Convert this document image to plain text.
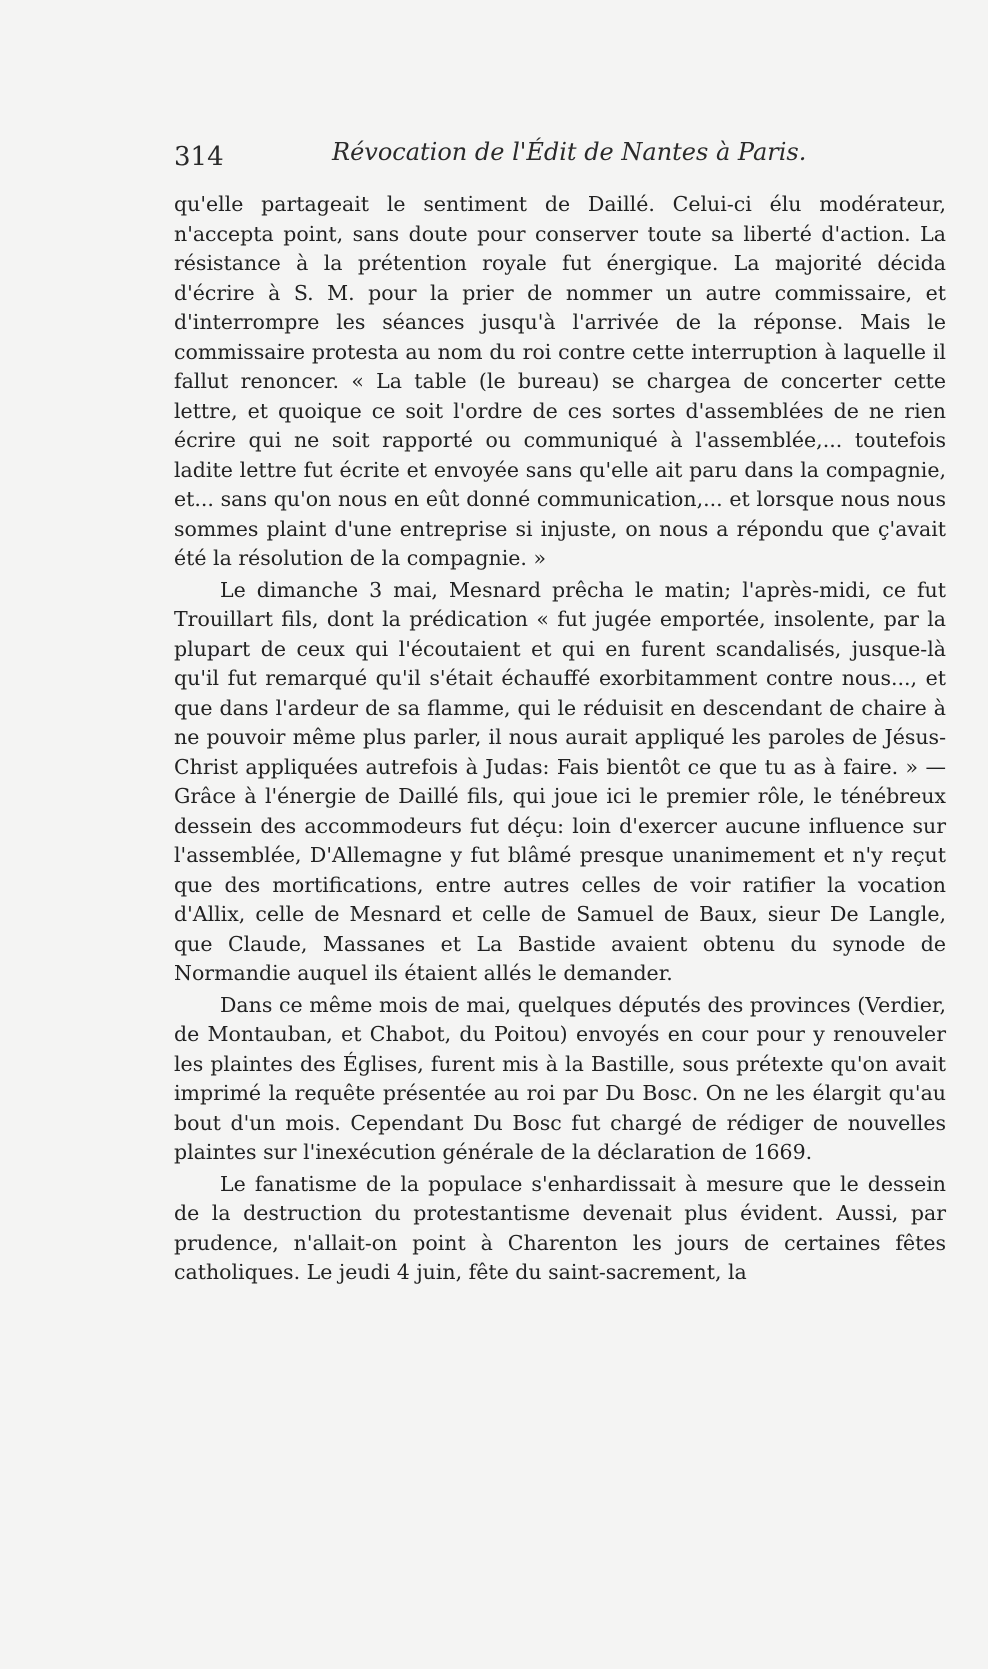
314	Révocation de l'Édit de Nantes à Paris.

qu'elle partageait le sentiment de Daillé. Celui-ci élu modérateur, n'accepta point, sans doute pour conserver toute sa liberté d'action. La résistance à la prétention royale fut énergique. La majorité décida d'écrire à S. M. pour la prier de nommer un autre commissaire, et d'interrompre les séances jusqu'à l'arrivée de la réponse. Mais le commissaire protesta au nom du roi contre cette interruption à laquelle il fallut renoncer. « La table (le bureau) se chargea de concerter cette lettre, et quoique ce soit l'ordre de ces sortes d'assemblées de ne rien écrire qui ne soit rapporté ou communiqué à l'assemblée,... toutefois ladite lettre fut écrite et envoyée sans qu'elle ait paru dans la compagnie, et... sans qu'on nous en eût donné communication,... et lorsque nous nous sommes plaint d'une entreprise si injuste, on nous a répondu que ç'avait été la résolution de la compagnie. »

Le dimanche 3 mai, Mesnard prêcha le matin; l'après-midi, ce fut Trouillart fils, dont la prédication « fut jugée emportée, insolente, par la plupart de ceux qui l'écoutaient et qui en furent scandalisés, jusque-là qu'il fut remarqué qu'il s'était échauffé exorbitamment contre nous..., et que dans l'ardeur de sa flamme, qui le réduisit en descendant de chaire à ne pouvoir même plus parler, il nous aurait appliqué les paroles de Jésus-Christ appliquées autrefois à Judas: Fais bientôt ce que tu as à faire. » — Grâce à l'énergie de Daillé fils, qui joue ici le premier rôle, le ténébreux dessein des accommodeurs fut déçu: loin d'exercer aucune influence sur l'assemblée, D'Allemagne y fut blâmé presque unanimement et n'y reçut que des mortifications, entre autres celles de voir ratifier la vocation d'Allix, celle de Mesnard et celle de Samuel de Baux, sieur De Langle, que Claude, Massanes et La Bastide avaient obtenu du synode de Normandie auquel ils étaient allés le demander.

Dans ce même mois de mai, quelques députés des provinces (Verdier, de Montauban, et Chabot, du Poitou) envoyés en cour pour y renouveler les plaintes des Églises, furent mis à la Bastille, sous prétexte qu'on avait imprimé la requête présentée au roi par Du Bosc. On ne les élargit qu'au bout d'un mois. Cependant Du Bosc fut chargé de rédiger de nouvelles plaintes sur l'inexécution générale de la déclaration de 1669.

Le fanatisme de la populace s'enhardissait à mesure que le dessein de la destruction du protestantisme devenait plus évident. Aussi, par prudence, n'allait-on point à Charenton les jours de certaines fêtes catholiques. Le jeudi 4 juin, fête du saint-sacrement, la
